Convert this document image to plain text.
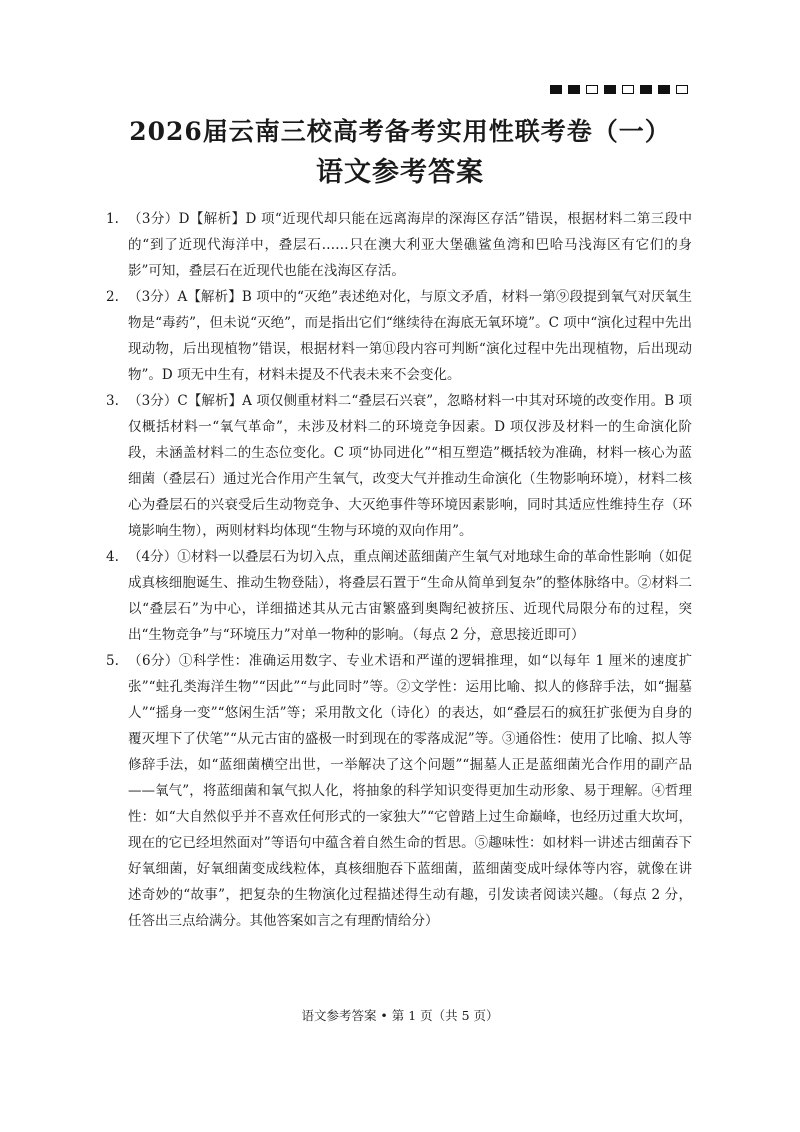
2026届云南三校高考备考实用性联考卷（一）
语文参考答案
1. （3分）D【解析】D 项“近现代却只能在远离海岸的深海区存活”错误，根据材料二第三段中的“到了近现代海洋中，叠层石……只在澳大利亚大堡礁鲨鱼湾和巴哈马浅海区有它们的身影”可知，叠层石在近现代也能在浅海区存活。
2. （3分）A【解析】B 项中的“灭绝”表述绝对化，与原文矛盾，材料一第⑨段提到氧气对厌氧生物是“毒药”，但未说“灭绝”，而是指出它们“继续待在海底无氧环境”。C 项中“演化过程中先出现动物，后出现植物”错误，根据材料一第⑪段内容可判断“演化过程中先出现植物，后出现动物”。D 项无中生有，材料未提及不代表未来不会变化。
3. （3分）C【解析】A 项仅侧重材料二“叠层石兴衰”，忽略材料一中其对环境的改变作用。B 项仅概括材料一“氧气革命”，未涉及材料二的环境竞争因素。D 项仅涉及材料一的生命演化阶段，未涵盖材料二的生态位变化。C 项“协同进化”“相互塑造”概括较为准确，材料一核心为蓝细菌（叠层石）通过光合作用产生氧气，改变大气并推动生命演化（生物影响环境），材料二核心为叠层石的兴衰受后生动物竞争、大灭绝事件等环境因素影响，同时其适应性维持生存（环境影响生物），两则材料均体现“生物与环境的双向作用”。
4. （4分）①材料一以叠层石为切入点，重点阐述蓝细菌产生氧气对地球生命的革命性影响（如促成真核细胞诞生、推动生物登陆），将叠层石置于“生命从简单到复杂”的整体脉络中。②材料二以“叠层石”为中心，详细描述其从元古宙繁盛到奥陶纪被挤压、近现代局限分布的过程，突出“生物竞争”与“环境压力”对单一物种的影响。（每点 2 分，意思接近即可）
5. （6分）①科学性：准确运用数字、专业术语和严谨的逻辑推理，如“以每年 1 厘米的速度扩张”“蛀孔类海洋生物”“因此”“与此同时”等。②文学性：运用比喻、拟人的修辞手法，如“掘墓人”“摇身一变”“悠闲生活”等；采用散文化（诗化）的表达，如“叠层石的疯狂扩张便为自身的覆灭埋下了伏笔”“从元古宙的盛极一时到现在的零落成泥”等。③通俗性：使用了比喻、拟人等修辞手法，如“蓝细菌横空出世，一举解决了这个问题”“掘墓人正是蓝细菌光合作用的副产品——氧气”，将蓝细菌和氧气拟人化，将抽象的科学知识变得更加生动形象、易于理解。④哲理性：如“大自然似乎并不喜欢任何形式的一家独大”“它曾踏上过生命巅峰，也经历过重大坎坷，现在的它已经坦然面对”等语句中蕴含着自然生命的哲思。⑤趣味性：如材料一讲述古细菌吞下好氧细菌，好氧细菌变成线粒体，真核细胞吞下蓝细菌，蓝细菌变成叶绿体等内容，就像在讲述奇妙的“故事”，把复杂的生物演化过程描述得生动有趣，引发读者阅读兴趣。（每点 2 分，任答出三点给满分。其他答案如言之有理酌情给分）
语文参考答案 • 第 1 页（共 5 页）
